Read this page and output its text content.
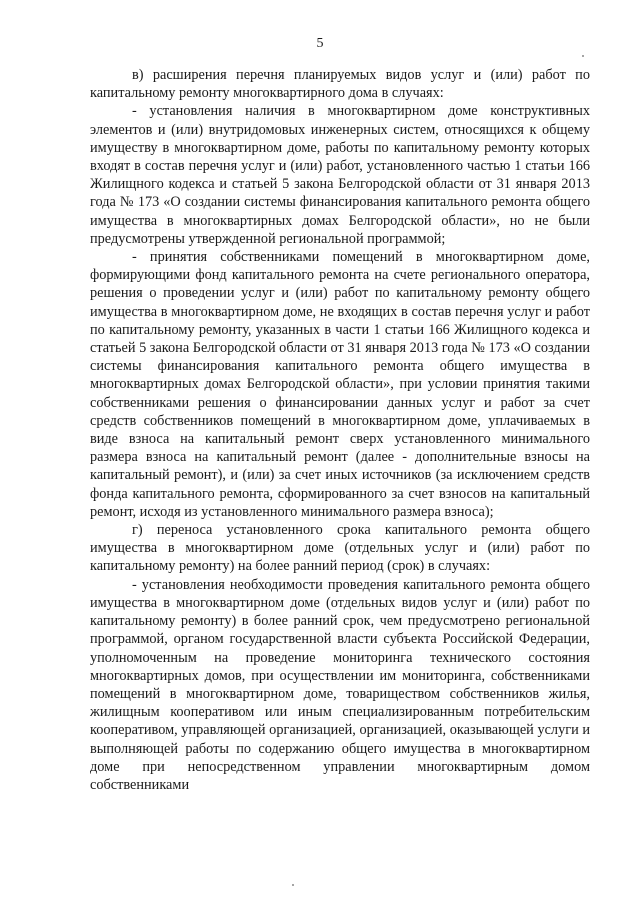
5

в) расширения перечня планируемых видов услуг и (или) работ по капитальному ремонту многоквартирного дома в случаях:

- установления наличия в многоквартирном доме конструктивных элементов и (или) внутридомовых инженерных систем, относящихся к общему имуществу в многоквартирном доме, работы по капитальному ремонту которых входят в состав перечня услуг и (или) работ, установленного частью 1 статьи 166 Жилищного кодекса и статьей 5 закона Белгородской области от 31 января 2013 года № 173 «О создании системы финансирования капитального ремонта общего имущества в многоквартирных домах Белгородской области», но не были предусмотрены утвержденной региональной программой;

- принятия собственниками помещений в многоквартирном доме, формирующими фонд капитального ремонта на счете регионального оператора, решения о проведении услуг и (или) работ по капитальному ремонту общего имущества в многоквартирном доме, не входящих в состав перечня услуг и работ по капитальному ремонту, указанных в части 1 статьи 166 Жилищного кодекса и статьей 5 закона Белгородской области от 31 января 2013 года № 173 «О создании системы финансирования капитального ремонта общего имущества в многоквартирных домах Белгородской области», при условии принятия такими собственниками решения о финансировании данных услуг и работ за счет средств собственников помещений в многоквартирном доме, уплачиваемых в виде взноса на капитальный ремонт сверх установленного минимального размера взноса на капитальный ремонт (далее - дополнительные взносы на капитальный ремонт), и (или) за счет иных источников (за исключением средств фонда капитального ремонта, сформированного за счет взносов на капитальный ремонт, исходя из установленного минимального размера взноса);

г) переноса установленного срока капитального ремонта общего имущества в многоквартирном доме (отдельных услуг и (или) работ по капитальному ремонту) на более ранний период (срок) в случаях:

- установления необходимости проведения капитального ремонта общего имущества в многоквартирном доме (отдельных видов услуг и (или) работ по капитальному ремонту) в более ранний срок, чем предусмотрено региональной программой, органом государственной власти субъекта Российской Федерации, уполномоченным на проведение мониторинга технического состояния многоквартирных домов, при осуществлении им мониторинга, собственниками помещений в многоквартирном доме, товариществом собственников жилья, жилищным кооперативом или иным специализированным потребительским кооперативом, управляющей организацией, организацией, оказывающей услуги и выполняющей работы по содержанию общего имущества в многоквартирном доме при непосредственном управлении многоквартирным домом собственниками
